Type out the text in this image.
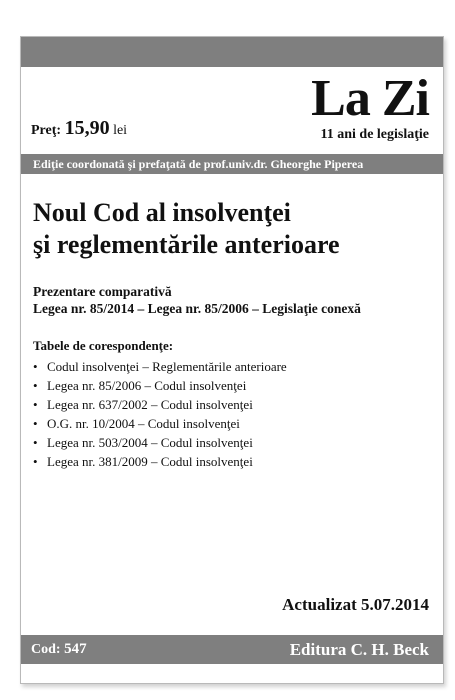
Preţ: 15,90 lei
La Zi
11 ani de legislaţie
Ediţie coordonată şi prefaţată de prof.univ.dr. Gheorghe Piperea
Noul Cod al insolvenţei
şi reglementările anterioare
Prezentare comparativă
Legea nr. 85/2014 – Legea nr. 85/2006 – Legislaţie conexă
Tabele de corespondenţe:
• Codul insolvenţei – Reglementările anterioare
• Legea nr. 85/2006 – Codul insolvenţei
• Legea nr. 637/2002 – Codul insolvenţei
• O.G. nr. 10/2004 – Codul insolvenţei
• Legea nr. 503/2004 – Codul insolvenţei
• Legea nr. 381/2009 – Codul insolvenţei
Actualizat 5.07.2014
Cod: 547	Editura C. H. Beck
